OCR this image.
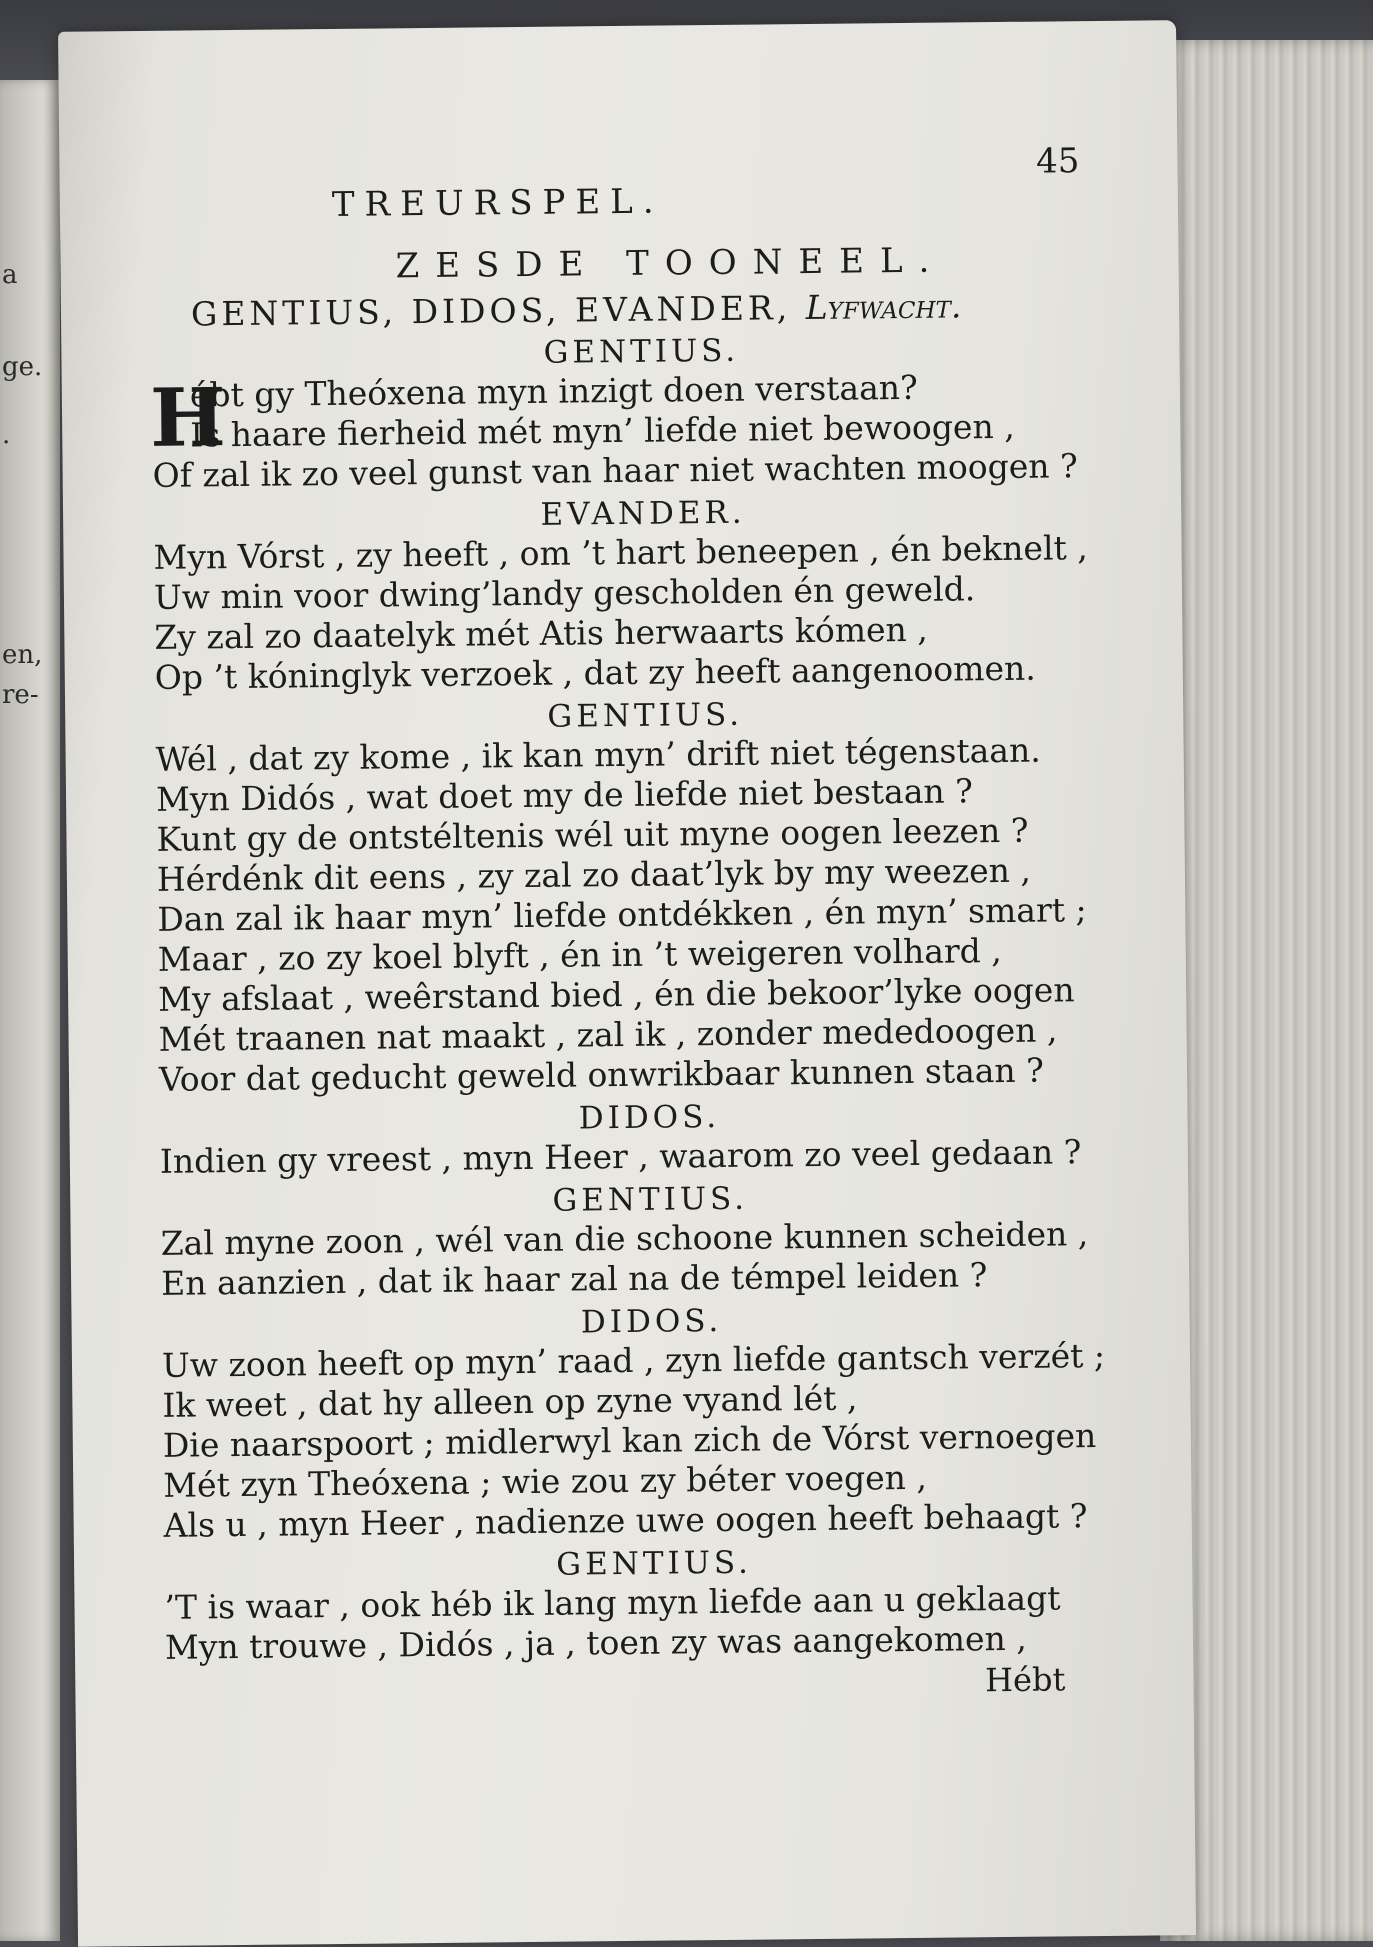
a
ge.
.
en,
re-
TREURSPEL.
45
ZESDE TOONEEL.
GENTIUS, DIDOS, EVANDER, Lyfwacht.
GENTIUS.
H
ébt gy Theóxena myn inzigt doen verstaan?
Is haare fierheid mét myn’ liefde niet bewoogen ,
Of zal ik zo veel gunst van haar niet wachten moogen ?
EVANDER.
Myn Vórst , zy heeft , om ’t hart beneepen , én beknelt ,
Uw min voor dwing’landy gescholden én geweld.
Zy zal zo daatelyk mét Atis herwaarts kómen ,
Op ’t kóninglyk verzoek , dat zy heeft aangenoomen.
GENTIUS.
Wél , dat zy kome , ik kan myn’ drift niet tégenstaan.
Myn Didós , wat doet my de liefde niet bestaan ?
Kunt gy de ontstéltenis wél uit myne oogen leezen ?
Hérdénk dit eens , zy zal zo daat’lyk by my weezen ,
Dan zal ik haar myn’ liefde ontdékken , én myn’ smart ;
Maar , zo zy koel blyft , én in ’t weigeren volhard ,
My afslaat , weêrstand bied , én die bekoor’lyke oogen
Mét traanen nat maakt , zal ik , zonder mededoogen ,
Voor dat geducht geweld onwrikbaar kunnen staan ?
DIDOS.
Indien gy vreest , myn Heer , waarom zo veel gedaan ?
GENTIUS.
Zal myne zoon , wél van die schoone kunnen scheiden ,
En aanzien , dat ik haar zal na de témpel leiden ?
DIDOS.
Uw zoon heeft op myn’ raad , zyn liefde gantsch verzét ;
Ik weet , dat hy alleen op zyne vyand lét ,
Die naarspoort ; midlerwyl kan zich de Vórst vernoegen
Mét zyn Theóxena ; wie zou zy béter voegen ,
Als u , myn Heer , nadienze uwe oogen heeft behaagt ?
GENTIUS.
’T is waar , ook héb ik lang myn liefde aan u geklaagt
Myn trouwe , Didós , ja , toen zy was aangekomen ,
Hébt
